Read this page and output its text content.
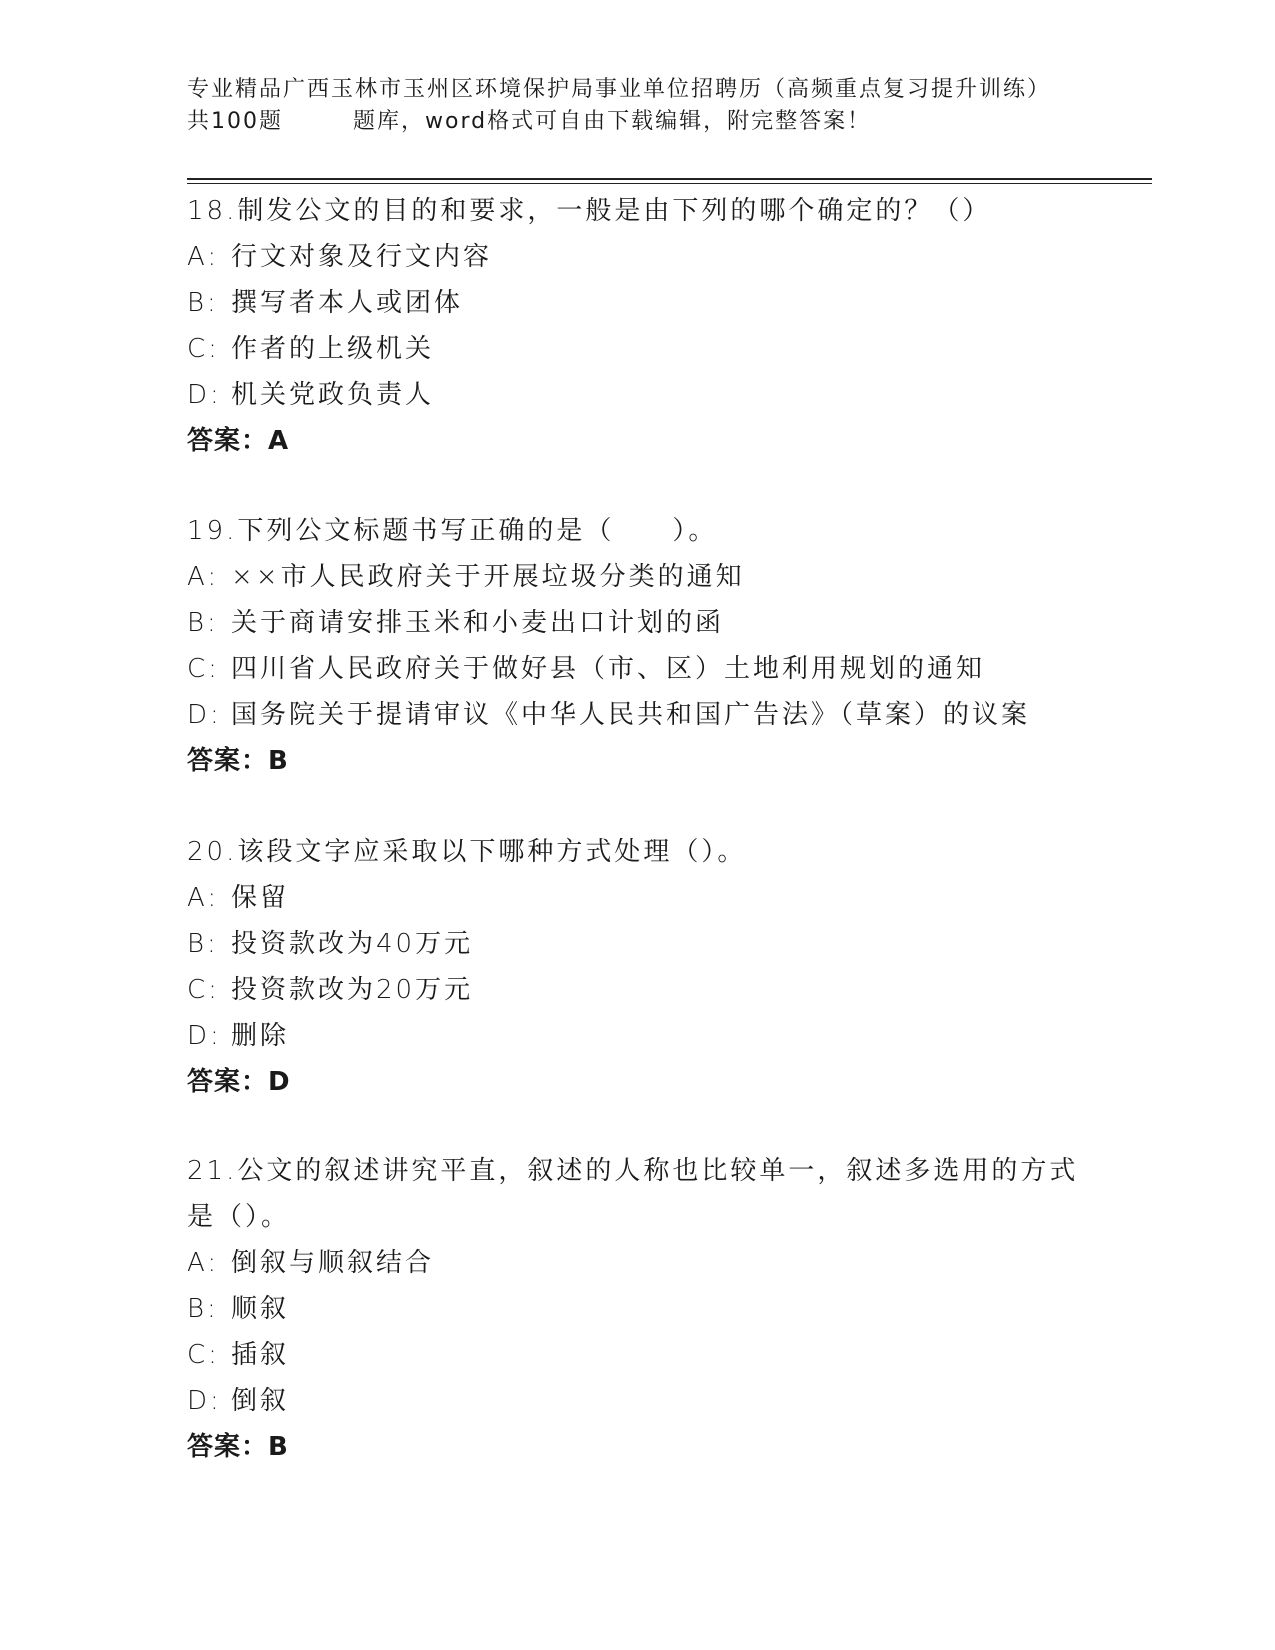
专业精品广西玉林市玉州区环境保护局事业单位招聘历（高频重点复习提升训练）
共100题	题库，word格式可自由下载编辑，附完整答案！
18.制发公文的目的和要求，一般是由下列的哪个确定的？（）
A: 行文对象及行文内容
B: 撰写者本人或团体
C: 作者的上级机关
D: 机关党政负责人
答案：A
19.下列公文标题书写正确的是（　　）。
A: ××市人民政府关于开展垃圾分类的通知
B: 关于商请安排玉米和小麦出口计划的函
C: 四川省人民政府关于做好县（市、区）土地利用规划的通知
D: 国务院关于提请审议《中华人民共和国广告法》（草案）的议案
答案：B
20.该段文字应采取以下哪种方式处理（）。
A: 保留
B: 投资款改为40万元
C: 投资款改为20万元
D: 删除
答案：D
21.公文的叙述讲究平直，叙述的人称也比较单一，叙述多选用的方式是（）。
A: 倒叙与顺叙结合
B: 顺叙
C: 插叙
D: 倒叙
答案：B
